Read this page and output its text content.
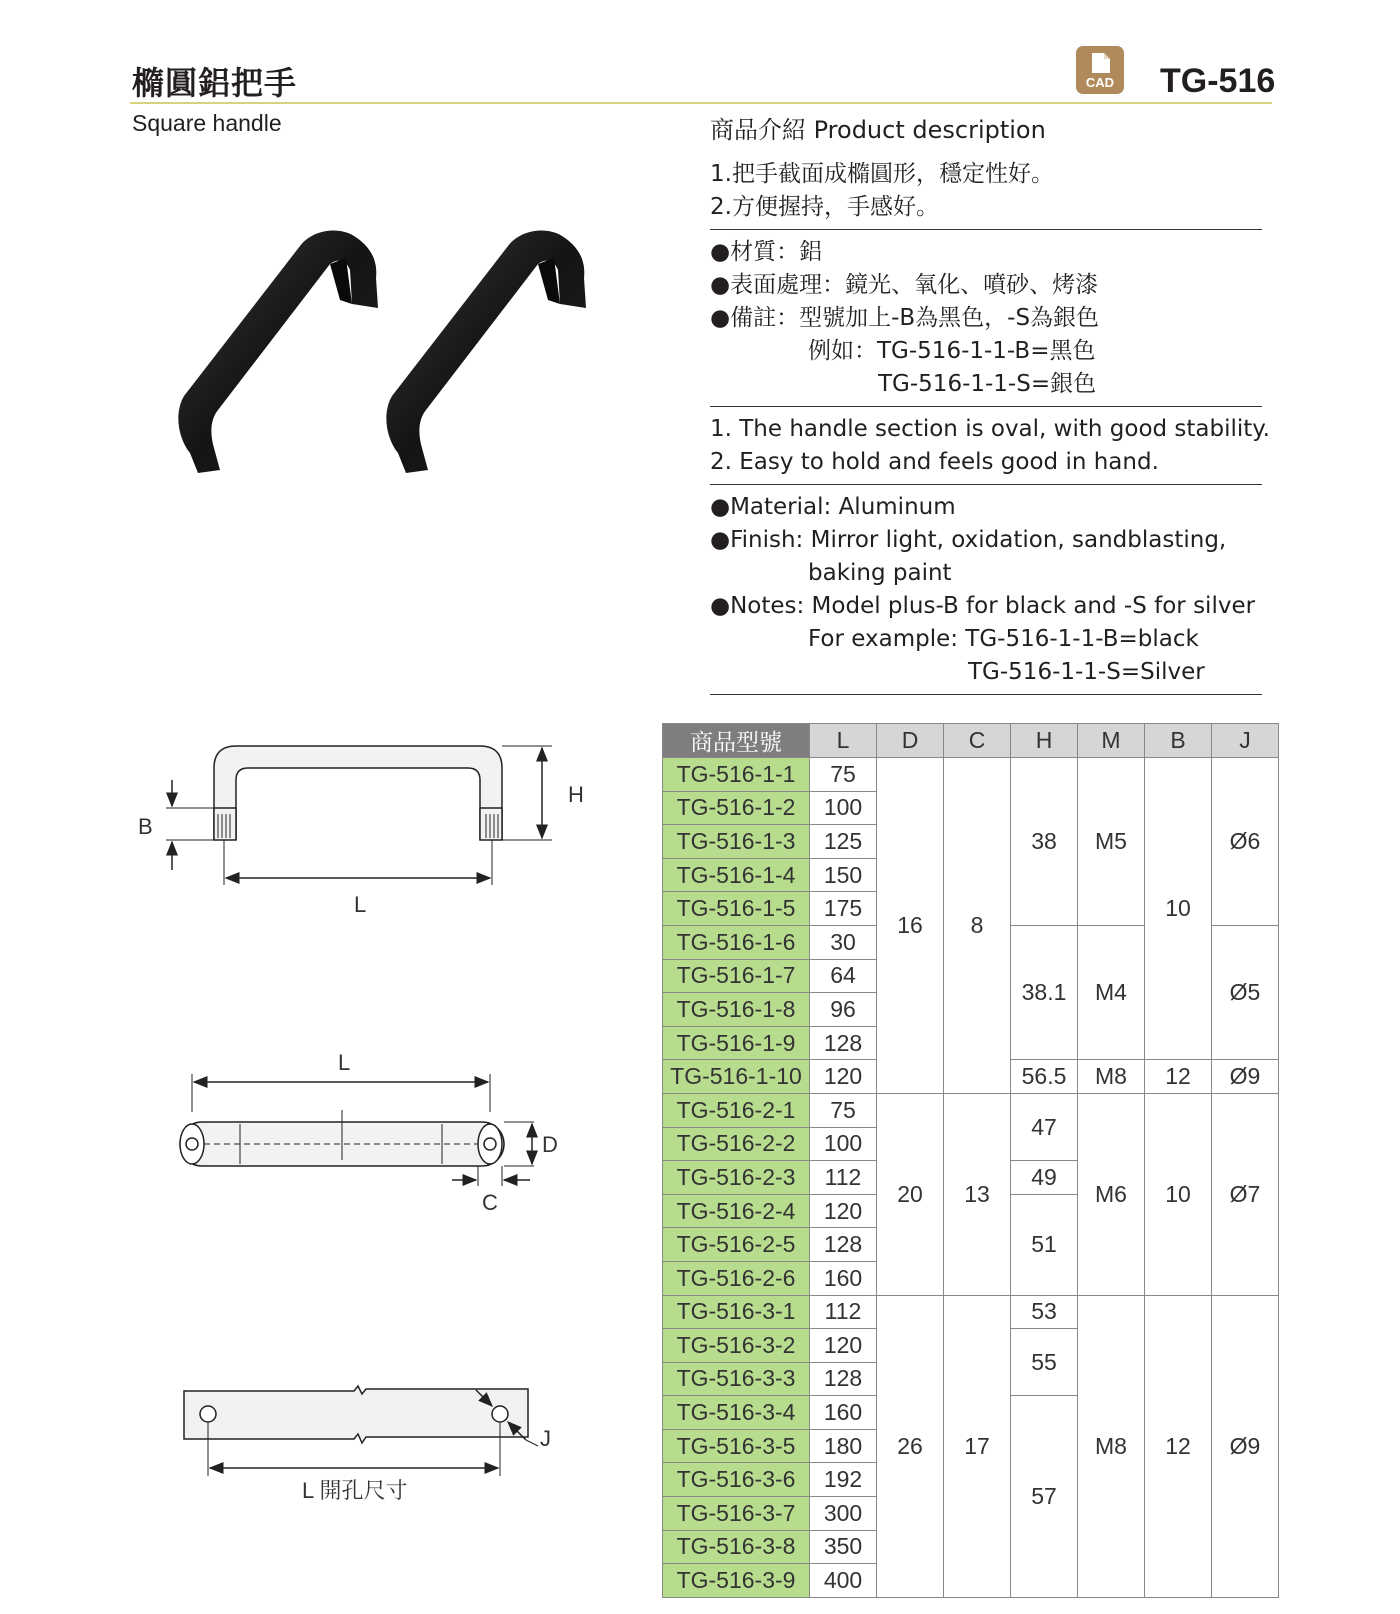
橢圓鋁把手
Square handle
CAD TG-516
商品介紹 Product description
1.把手截面成橢圓形，穩定性好。
2.方便握持，手感好。
●材質：鋁
●表面處理：鏡光、氧化、噴砂、烤漆
●備註：型號加上-B為黑色，-S為銀色
例如：TG-516-1-1-B=黑色
TG-516-1-1-S=銀色
1. The handle section is oval, with good stability.
2. Easy to hold and feels good in hand.
●Material: Aluminum
●Finish: Mirror light, oxidation, sandblasting,
baking paint
●Notes: Model plus-B for black and -S for silver
For example: TG-516-1-1-B=black
TG-516-1-1-S=Silver
H
B
L
L
D
C
J
L 開孔尺寸
商品型號	L	D	C	H	M	B	J
TG-516-1-1	75	16	8	38	M5	10	Ø6
TG-516-1-2	100						
TG-516-1-3	125						
TG-516-1-4	150						
TG-516-1-5	175						
TG-516-1-6	30			38.1	M4		Ø5
TG-516-1-7	64						
TG-516-1-8	96						
TG-516-1-9	128						
TG-516-1-10	120			56.5	M8	12	Ø9
TG-516-2-1	75	20	13	47	M6	10	Ø7
TG-516-2-2	100						
TG-516-2-3	112			49			
TG-516-2-4	120			51			
TG-516-2-5	128						
TG-516-2-6	160						
TG-516-3-1	112	26	17	53	M8	12	Ø9
TG-516-3-2	120			55			
TG-516-3-3	128						
TG-516-3-4	160			57			
TG-516-3-5	180						
TG-516-3-6	192						
TG-516-3-7	300						
TG-516-3-8	350						
TG-516-3-9	400						
